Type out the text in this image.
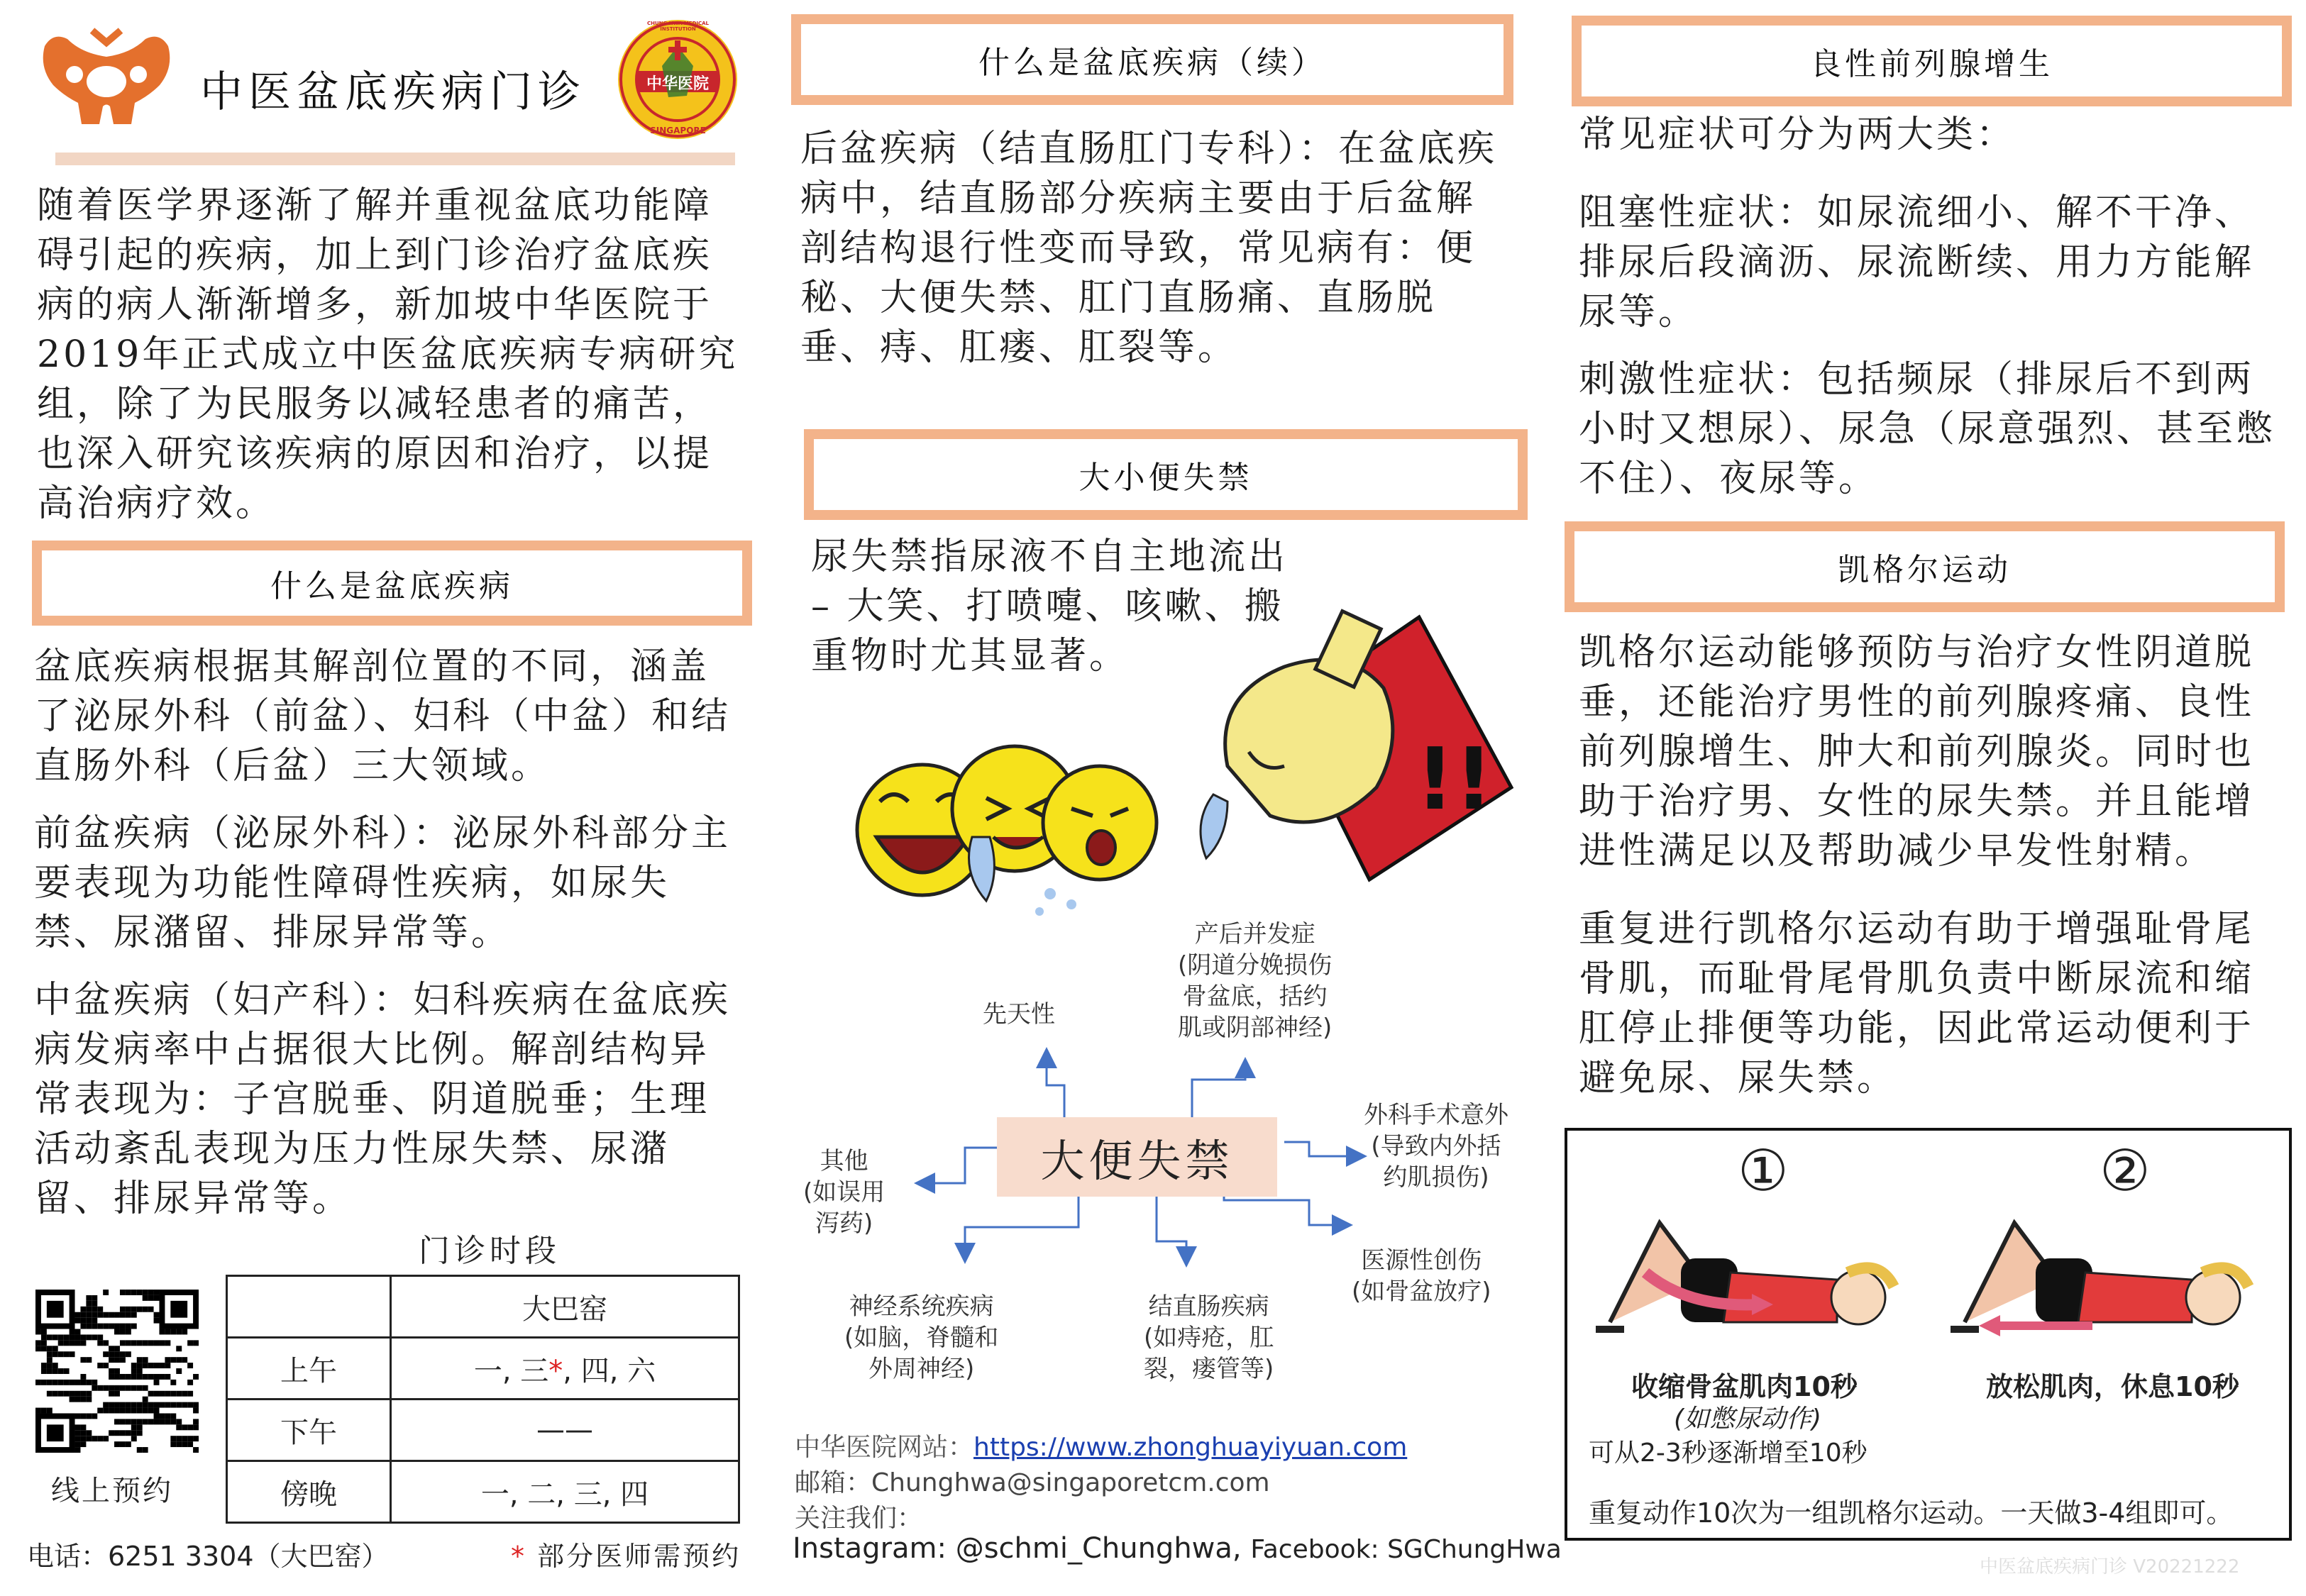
中医盆底疾病门诊	中华医院
CHUNG HWA MEDICAL INSTITUTION
SINGAPORE
随着医学界逐渐了解并重视盆底功能障碍引起的疾病，加上到门诊治疗盆底疾病的病人渐渐增多，新加坡中华医院于2019年正式成立中医盆底疾病专病研究组，除了为民服务以减轻患者的痛苦，也深入研究该疾病的原因和治疗，以提高治病疗效。
什么是盆底疾病
盆底疾病根据其解剖位置的不同，涵盖了泌尿外科（前盆）、妇科（中盆）和结直肠外科（后盆）三大领域。
前盆疾病（泌尿外科）：泌尿外科部分主要表现为功能性障碍性疾病，如尿失禁、尿潴留、排尿异常等。
中盆疾病（妇产科）：妇科疾病在盆底疾病发病率中占据很大比例。解剖结构异常表现为：子宫脱垂、阴道脱垂；生理活动紊乱表现为压力性尿失禁、尿潴留、排尿异常等。
门诊时段
线上预约
	大巴窑
上午	一, 三*, 四, 六
下午	——
傍晚	一, 二, 三, 四
电话：6251 3304（大巴窑）	* 部分医师需预约
什么是盆底疾病（续）
后盆疾病（结直肠肛门专科）：在盆底疾病中，结直肠部分疾病主要由于后盆解剖结构退行性变而导致，常见病有：便秘、大便失禁、肛门直肠痛、直肠脱垂、痔、肛瘘、肛裂等。
大小便失禁
尿失禁指尿液不自主地流出 – 大笑、打喷嚏、咳嗽、搬重物时尤其显著。
!!
大便失禁
先天性
产后并发症
(阴道分娩损伤
骨盆底，括约
肌或阴部神经)
外科手术意外
(导致内外括
约肌损伤)
其他
(如误用
泻药)
神经系统疾病
(如脑，脊髓和
外周神经)
结直肠疾病
(如痔疮，肛
裂，瘘管等)
医源性创伤
(如骨盆放疗)
中华医院网站：https://www.zhonghuayiyuan.com
邮箱：Chunghwa@singaporetcm.com
关注我们：
Instagram: @schmi_Chunghwa, Facebook: SGChungHwa
良性前列腺增生
常见症状可分为两大类：
阻塞性症状：如尿流细小、解不干净、排尿后段滴沥、尿流断续、用力方能解尿等。
刺激性症状：包括频尿（排尿后不到两小时又想尿）、尿急（尿意强烈、甚至憋不住）、夜尿等。
凯格尔运动
凯格尔运动能够预防与治疗女性阴道脱垂，还能治疗男性的前列腺疼痛、良性前列腺增生、肿大和前列腺炎。同时也助于治疗男、女性的尿失禁。并且能增进性满足以及帮助减少早发性射精。
重复进行凯格尔运动有助于增强耻骨尾骨肌，而耻骨尾骨肌负责中断尿流和缩肛停止排便等功能，因此常运动便利于避免尿、屎失禁。
①	②
收缩骨盆肌肉10秒
(如憋尿动作)
可从2-3秒逐渐增至10秒
放松肌肉，休息10秒
重复动作10次为一组凯格尔运动。一天做3-4组即可。
中医盆底疾病门诊 V20221222
